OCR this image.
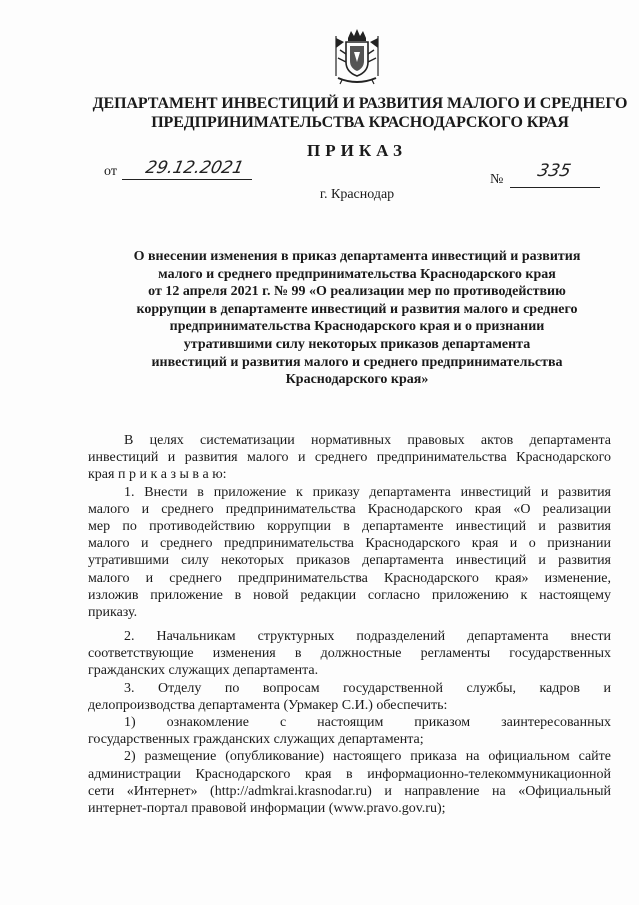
ДЕПАРТАМЕНТ ИНВЕСТИЦИЙ И РАЗВИТИЯ МАЛОГО И СРЕДНЕГО
ПРЕДПРИНИМАТЕЛЬСТВА КРАСНОДАРСКОГО КРАЯ
ПРИКАЗ
от 29.12.2021
№ 335
г. Краснодар
О внесении изменения в приказ департамента инвестиций и развития
малого и среднего предпринимательства Краснодарского края
от 12 апреля 2021 г. № 99 «О реализации мер по противодействию
коррупции в департаменте инвестиций и развития малого и среднего
предпринимательства Краснодарского края и о признании
утратившими силу некоторых приказов департамента
инвестиций и развития малого и среднего предпринимательства
Краснодарского края»
В целях систематизации нормативных правовых актов департамента
инвестиций и развития малого и среднего предпринимательства Краснодарского
края п р и к а з ы в а ю:
1. Внести в приложение к приказу департамента инвестиций и развития
малого и среднего предпринимательства Краснодарского края «О реализации
мер по противодействию коррупции в департаменте инвестиций и развития
малого и среднего предпринимательства Краснодарского края и о признании
утратившими силу некоторых приказов департамента инвестиций и развития
малого и среднего предпринимательства Краснодарского края» изменение,
изложив приложение в новой редакции согласно приложению к настоящему
приказу.
2. Начальникам структурных подразделений департамента внести
соответствующие изменения в должностные регламенты государственных
гражданских служащих департамента.
3. Отделу по вопросам государственной службы, кадров и
делопроизводства департамента (Урмакер С.И.) обеспечить:
1) ознакомление с настоящим приказом заинтересованных
государственных гражданских служащих департамента;
2) размещение (опубликование) настоящего приказа на официальном сайте
администрации Краснодарского края в информационно-телекоммуникационной
сети «Интернет» (http://admkrai.krasnodar.ru) и направление на «Официальный
интернет-портал правовой информации (www.pravo.gov.ru);
